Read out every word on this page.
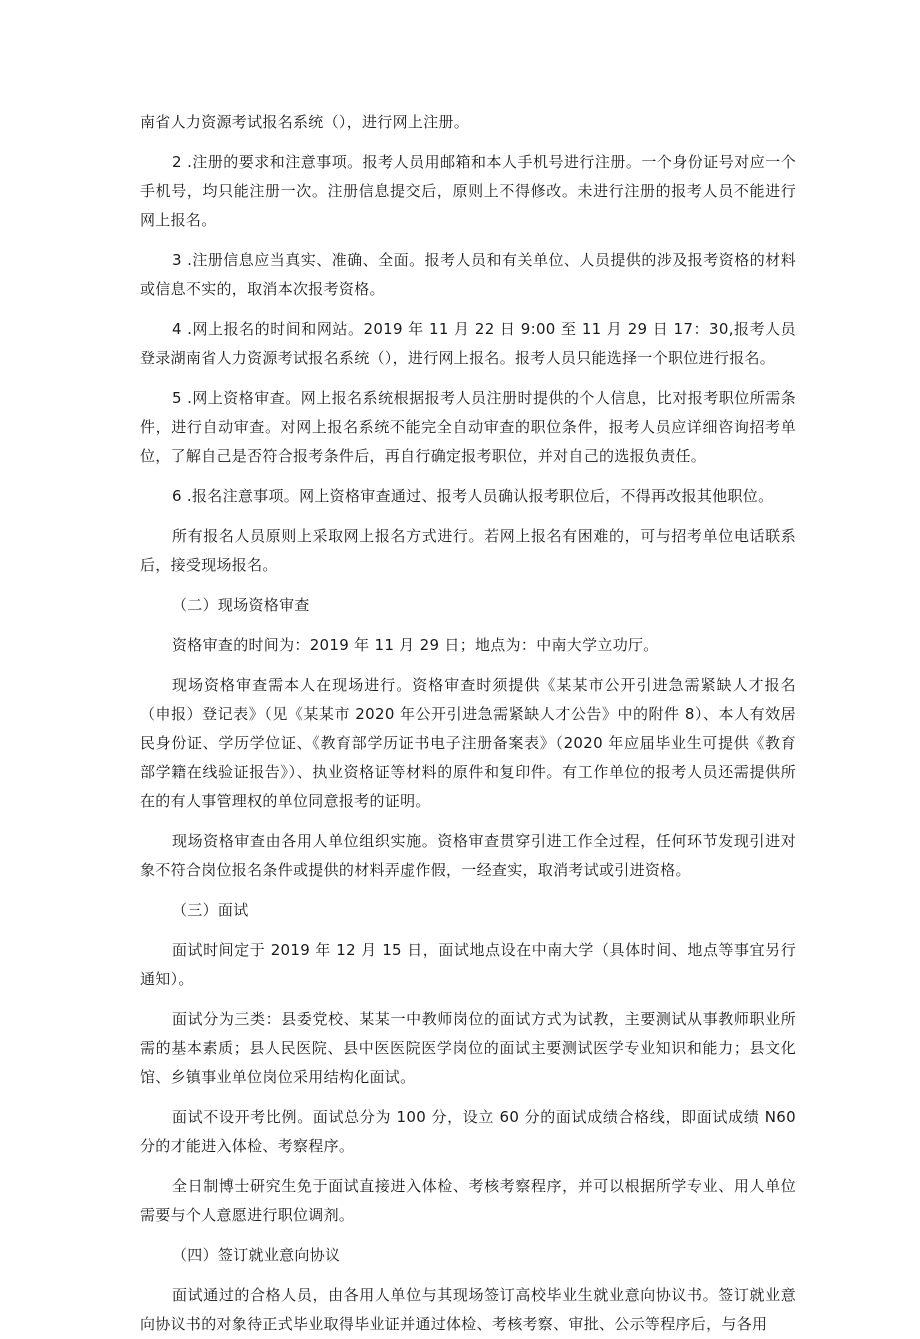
南省人力资源考试报名系统（），进行网上注册。

2 .注册的要求和注意事项。报考人员用邮箱和本人手机号进行注册。一个身份证号对应一个手机号，均只能注册一次。注册信息提交后，原则上不得修改。未进行注册的报考人员不能进行网上报名。

3 .注册信息应当真实、准确、全面。报考人员和有关单位、人员提供的涉及报考资格的材料或信息不实的，取消本次报考资格。

4 .网上报名的时间和网站。2019 年 11 月 22 日 9:00 至 11 月 29 日 17：30,报考人员登录湖南省人力资源考试报名系统（），进行网上报名。报考人员只能选择一个职位进行报名。

5 .网上资格审查。网上报名系统根据报考人员注册时提供的个人信息，比对报考职位所需条件，进行自动审查。对网上报名系统不能完全自动审查的职位条件，报考人员应详细咨询招考单位，了解自己是否符合报考条件后，再自行确定报考职位，并对自己的选报负责任。

6 .报名注意事项。网上资格审查通过、报考人员确认报考职位后，不得再改报其他职位。

所有报名人员原则上采取网上报名方式进行。若网上报名有困难的，可与招考单位电话联系后，接受现场报名。

（二）现场资格审查

资格审查的时间为：2019 年 11 月 29 日；地点为：中南大学立功厅。

现场资格审查需本人在现场进行。资格审查时须提供《某某市公开引进急需紧缺人才报名（申报）登记表》（见《某某市 2020 年公开引进急需紧缺人才公告》中的附件 8）、本人有效居民身份证、学历学位证、《教育部学历证书电子注册备案表》（2020 年应届毕业生可提供《教育部学籍在线验证报告》）、执业资格证等材料的原件和复印件。有工作单位的报考人员还需提供所在的有人事管理权的单位同意报考的证明。

现场资格审查由各用人单位组织实施。资格审查贯穿引进工作全过程，任何环节发现引进对象不符合岗位报名条件或提供的材料弄虚作假，一经查实，取消考试或引进资格。

（三）面试

面试时间定于 2019 年 12 月 15 日，面试地点设在中南大学（具体时间、地点等事宜另行通知）。

面试分为三类：县委党校、某某一中教师岗位的面试方式为试教，主要测试从事教师职业所需的基本素质；县人民医院、县中医医院医学岗位的面试主要测试医学专业知识和能力；县文化馆、乡镇事业单位岗位采用结构化面试。

面试不设开考比例。面试总分为 100 分，设立 60 分的面试成绩合格线，即面试成绩 N60 分的才能进入体检、考察程序。

全日制博士研究生免于面试直接进入体检、考核考察程序，并可以根据所学专业、用人单位需要与个人意愿进行职位调剂。

（四）签订就业意向协议

面试通过的合格人员，由各用人单位与其现场签订高校毕业生就业意向协议书。签订就业意向协议书的对象待正式毕业取得毕业证并通过体检、考核考察、审批、公示等程序后，与各用
